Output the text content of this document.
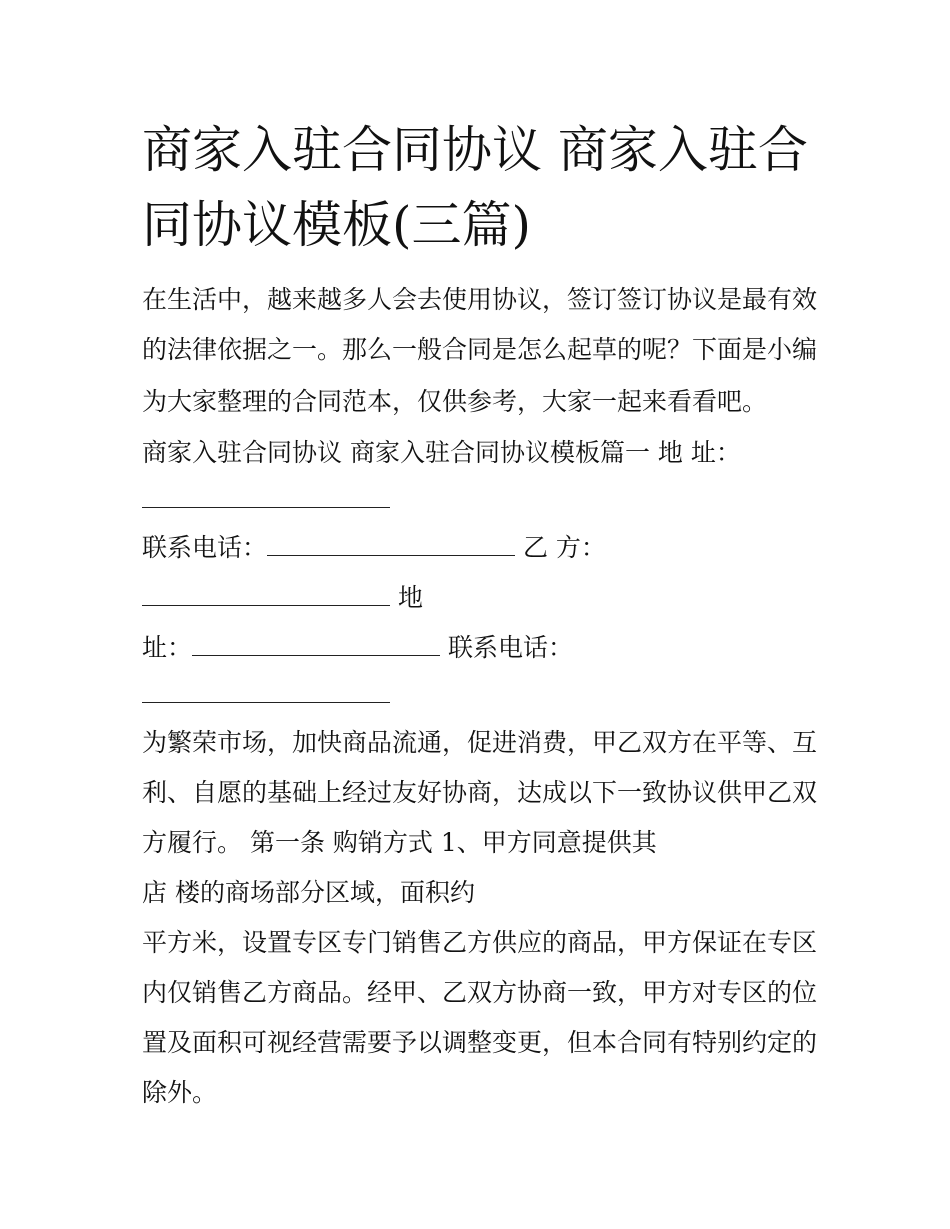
商家入驻合同协议 商家入驻合
同协议模板(三篇)
在生活中，越来越多人会去使用协议，签订签订协议是最有效
的法律依据之一。那么一般合同是怎么起草的呢？下面是小编
为大家整理的合同范本，仅供参考，大家一起来看看吧。
商家入驻合同协议 商家入驻合同协议模板篇一 地 址：
联系电话：	乙 方：
地
址：	联系电话：
为繁荣市场，加快商品流通，促进消费，甲乙双方在平等、互
利、自愿的基础上经过友好协商，达成以下一致协议供甲乙双
方履行。 第一条 购销方式 1、甲方同意提供其
店 楼的商场部分区域，面积约
平方米，设置专区专门销售乙方供应的商品，甲方保证在专区
内仅销售乙方商品。经甲、乙双方协商一致，甲方对专区的位
置及面积可视经营需要予以调整变更，但本合同有特别约定的
除外。
